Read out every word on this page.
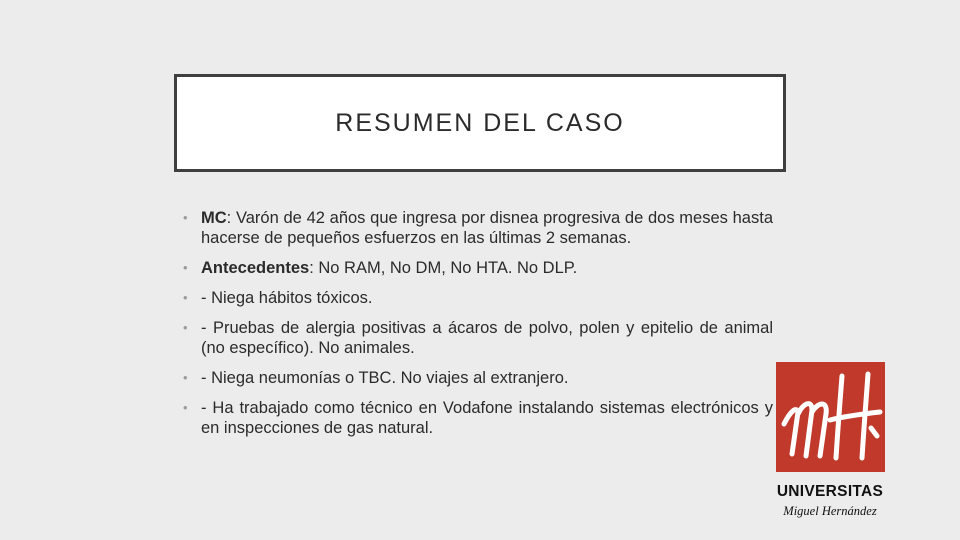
RESUMEN DEL CASO
• MC: Varón de 42 años que ingresa por disnea progresiva de dos meses hasta hacerse de pequeños esfuerzos en las últimas 2 semanas.
• Antecedentes: No RAM, No DM, No HTA. No DLP.
• - Niega hábitos tóxicos.
• - Pruebas de alergia positivas a ácaros de polvo, polen y epitelio de animal (no específico). No animales.
• - Niega neumonías o TBC. No viajes al extranjero.
• - Ha trabajado como técnico en Vodafone instalando sistemas electrónicos y en inspecciones de gas natural.
UNIVERSITAS
Miguel Hernández
